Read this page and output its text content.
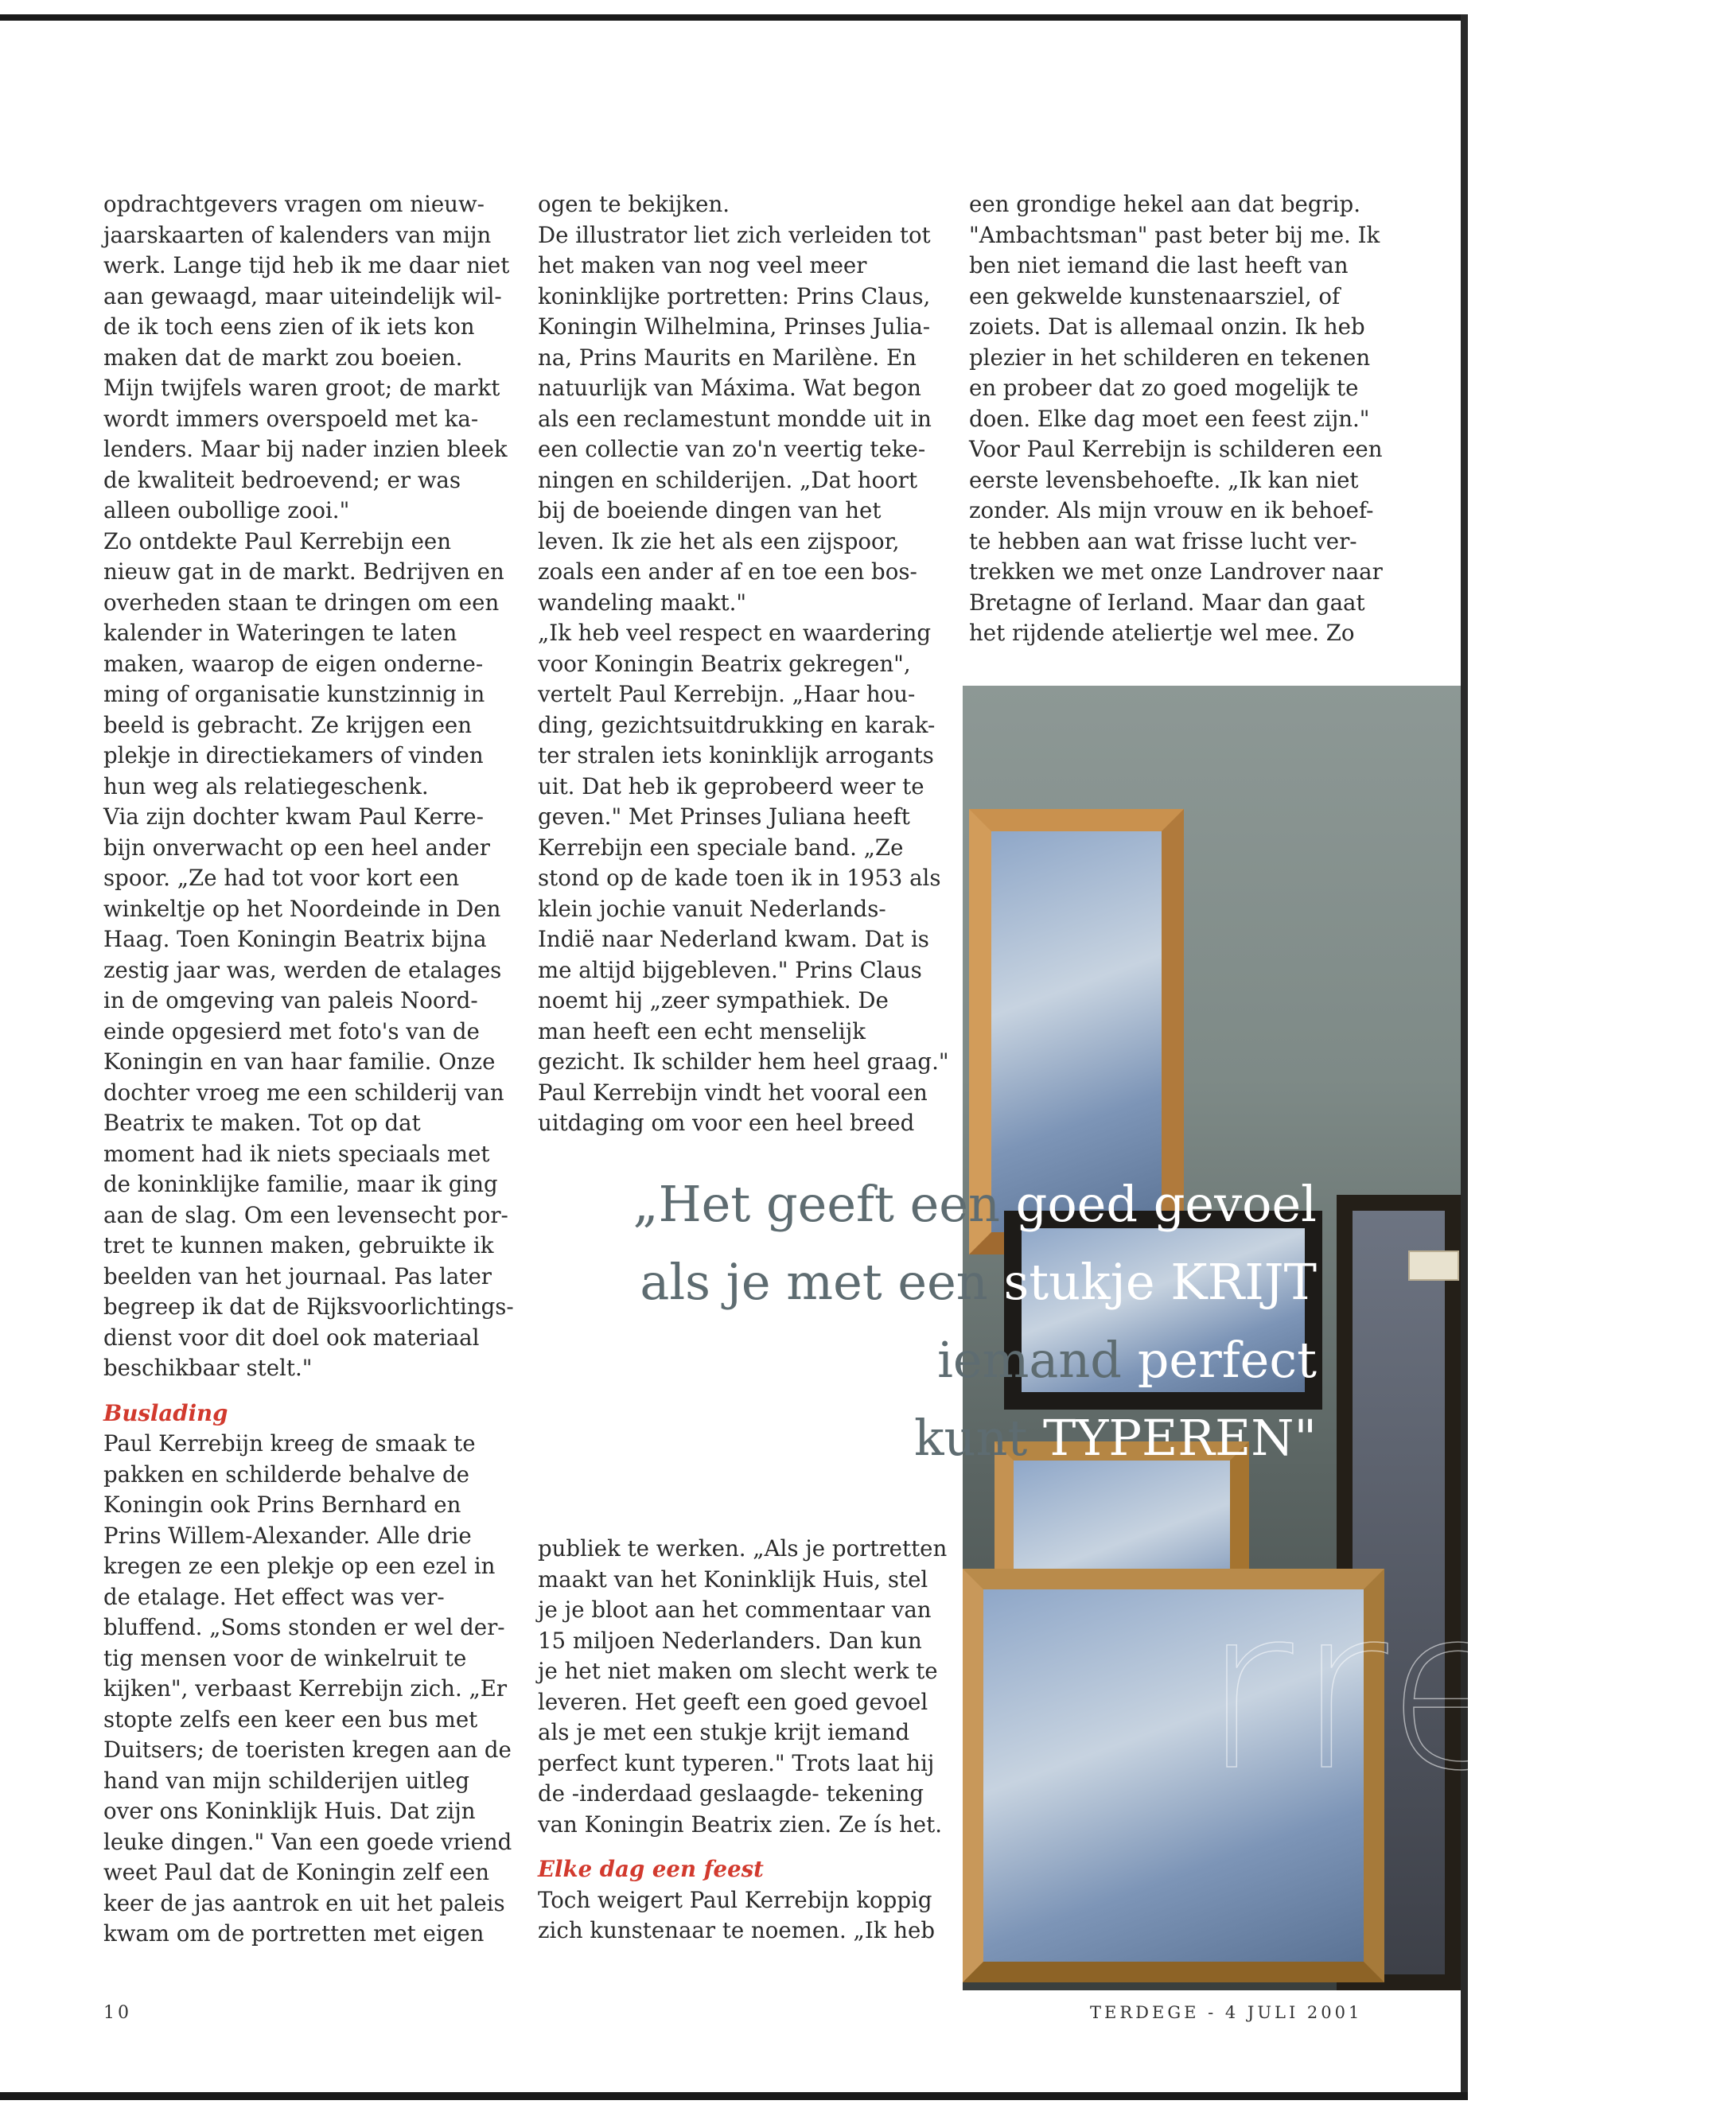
opdrachtgevers vragen om nieuw-

jaarskaarten of kalenders van mijn

werk. Lange tijd heb ik me daar niet

aan gewaagd, maar uiteindelijk wil-

de ik toch eens zien of ik iets kon

maken dat de markt zou boeien.

Mijn twijfels waren groot; de markt

wordt immers overspoeld met ka-

lenders. Maar bij nader inzien bleek

de kwaliteit bedroevend; er was

alleen oubollige zooi."

Zo ontdekte Paul Kerrebijn een

nieuw gat in de markt. Bedrijven en

overheden staan te dringen om een

kalender in Wateringen te laten

maken, waarop de eigen onderne-

ming of organisatie kunstzinnig in

beeld is gebracht. Ze krijgen een

plekje in directiekamers of vinden

hun weg als relatiegeschenk.

Via zijn dochter kwam Paul Kerre-

bijn onverwacht op een heel ander

spoor. „Ze had tot voor kort een

winkeltje op het Noordeinde in Den

Haag. Toen Koningin Beatrix bijna

zestig jaar was, werden de etalages

in de omgeving van paleis Noord-

einde opgesierd met foto's van de

Koningin en van haar familie. Onze

dochter vroeg me een schilderij van

Beatrix te maken. Tot op dat

moment had ik niets speciaals met

de koninklijke familie, maar ik ging

aan de slag. Om een levensecht por-

tret te kunnen maken, gebruikte ik

beelden van het journaal. Pas later

begreep ik dat de Rijksvoorlichtings-

dienst voor dit doel ook materiaal

beschikbaar stelt."

Buslading

Paul Kerrebijn kreeg de smaak te

pakken en schilderde behalve de

Koningin ook Prins Bernhard en

Prins Willem-Alexander. Alle drie

kregen ze een plekje op een ezel in

de etalage. Het effect was ver-

bluffend. „Soms stonden er wel der-

tig mensen voor de winkelruit te

kijken", verbaast Kerrebijn zich. „Er

stopte zelfs een keer een bus met

Duitsers; de toeristen kregen aan de

hand van mijn schilderijen uitleg

over ons Koninklijk Huis. Dat zijn

leuke dingen." Van een goede vriend

weet Paul dat de Koningin zelf een

keer de jas aantrok en uit het paleis

kwam om de portretten met eigen

ogen te bekijken.

De illustrator liet zich verleiden tot

het maken van nog veel meer

koninklijke portretten: Prins Claus,

Koningin Wilhelmina, Prinses Julia-

na, Prins Maurits en Marilène. En

natuurlijk van Máxima. Wat begon

als een reclamestunt mondde uit in

een collectie van zo'n veertig teke-

ningen en schilderijen. „Dat hoort

bij de boeiende dingen van het

leven. Ik zie het als een zijspoor,

zoals een ander af en toe een bos-

wandeling maakt."

„Ik heb veel respect en waardering

voor Koningin Beatrix gekregen",

vertelt Paul Kerrebijn. „Haar hou-

ding, gezichtsuitdrukking en karak-

ter stralen iets koninklijk arrogants

uit. Dat heb ik geprobeerd weer te

geven." Met Prinses Juliana heeft

Kerrebijn een speciale band. „Ze

stond op de kade toen ik in 1953 als

klein jochie vanuit Nederlands-

Indië naar Nederland kwam. Dat is

me altijd bijgebleven." Prins Claus

noemt hij „zeer sympathiek. De

man heeft een echt menselijk

gezicht. Ik schilder hem heel graag."

Paul Kerrebijn vindt het vooral een

uitdaging om voor een heel breed

publiek te werken. „Als je portretten

maakt van het Koninklijk Huis, stel

je je bloot aan het commentaar van

15 miljoen Nederlanders. Dan kun

je het niet maken om slecht werk te

leveren. Het geeft een goed gevoel

als je met een stukje krijt iemand

perfect kunt typeren." Trots laat hij

de -inderdaad geslaagde- tekening

van Koningin Beatrix zien. Ze ís het.

Elke dag een feest

Toch weigert Paul Kerrebijn koppig

zich kunstenaar te noemen. „Ik heb

een grondige hekel aan dat begrip.

"Ambachtsman" past beter bij me. Ik

ben niet iemand die last heeft van

een gekwelde kunstenaarsziel, of

zoiets. Dat is allemaal onzin. Ik heb

plezier in het schilderen en tekenen

en probeer dat zo goed mogelijk te

doen. Elke dag moet een feest zijn."

Voor Paul Kerrebijn is schilderen een

eerste levensbehoefte. „Ik kan niet

zonder. Als mijn vrouw en ik behoef-

te hebben aan wat frisse lucht ver-

trekken we met onze Landrover naar

Bretagne of Ierland. Maar dan gaat

het rijdende ateliertje wel mee. Zo

rrebi
„Het geeft een goed gevoel
als je met een stukje KRIJT
iemand perfect
kunt TYPEREN"
10	TERDEGE - 4 JULI 2001
